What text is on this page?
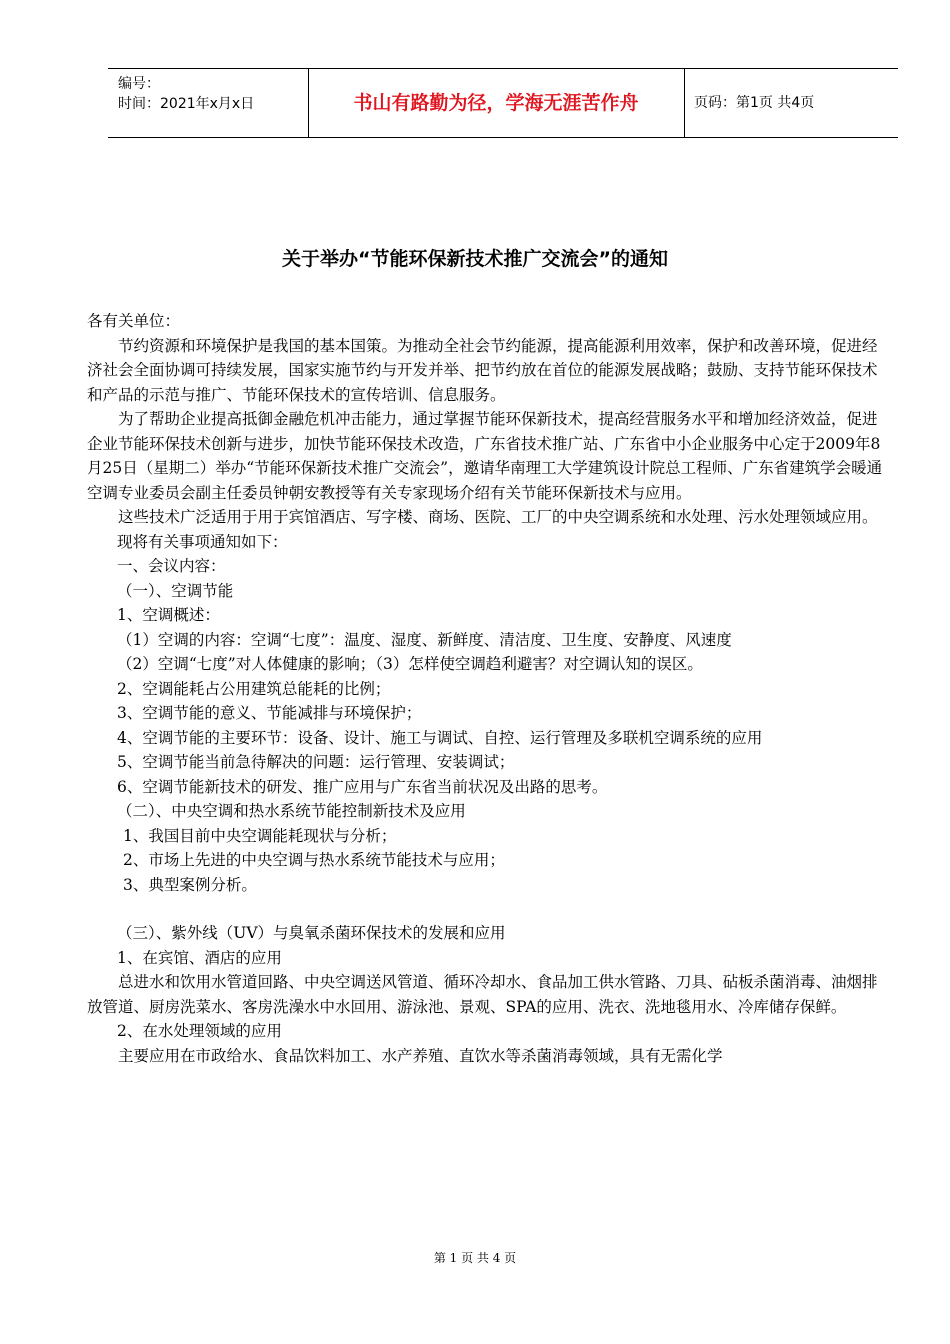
编号：
时间：2021年x月x日	书山有路勤为径，学海无涯苦作舟	页码：第1页 共4页
关于举办“节能环保新技术推广交流会”的通知

各有关单位：

节约资源和环境保护是我国的基本国策。为推动全社会节约能源，提高能源利用效率，保护和改善环境，促进经济社会全面协调可持续发展，国家实施节约与开发并举、把节约放在首位的能源发展战略；鼓励、支持节能环保技术和产品的示范与推广、节能环保技术的宣传培训、信息服务。

为了帮助企业提高抵御金融危机冲击能力，通过掌握节能环保新技术，提高经营服务水平和增加经济效益，促进企业节能环保技术创新与进步，加快节能环保技术改造，广东省技术推广站、广东省中小企业服务中心定于2009年8月25日（星期二）举办“节能环保新技术推广交流会”，邀请华南理工大学建筑设计院总工程师、广东省建筑学会暖通空调专业委员会副主任委员钟朝安教授等有关专家现场介绍有关节能环保新技术与应用。

这些技术广泛适用于用于宾馆酒店、写字楼、商场、医院、工厂的中央空调系统和水处理、污水处理领域应用。

现将有关事项通知如下：

一、会议内容：

（一）、空调节能

1、空调概述：

（1）空调的内容：空调“七度”：温度、湿度、新鲜度、清洁度、卫生度、安静度、风速度

（2）空调“七度”对人体健康的影响；（3）怎样使空调趋利避害？对空调认知的误区。

2、空调能耗占公用建筑总能耗的比例；

3、空调节能的意义、节能减排与环境保护；

4、空调节能的主要环节：设备、设计、施工与调试、自控、运行管理及多联机空调系统的应用

5、空调节能当前急待解决的问题：运行管理、安装调试；

6、空调节能新技术的研发、推广应用与广东省当前状况及出路的思考。

（二）、中央空调和热水系统节能控制新技术及应用

1、我国目前中央空调能耗现状与分析；

2、市场上先进的中央空调与热水系统节能技术与应用；

3、典型案例分析。

（三）、紫外线（UV）与臭氧杀菌环保技术的发展和应用

1、在宾馆、酒店的应用

总进水和饮用水管道回路、中央空调送风管道、循环冷却水、食品加工供水管路、刀具、砧板杀菌消毒、油烟排放管道、厨房洗菜水、客房洗澡水中水回用、游泳池、景观、SPA的应用、洗衣、洗地毯用水、冷库储存保鲜。

2、在水处理领域的应用

主要应用在市政给水、食品饮料加工、水产养殖、直饮水等杀菌消毒领域，具有无需化学

第 1 页 共 4 页
